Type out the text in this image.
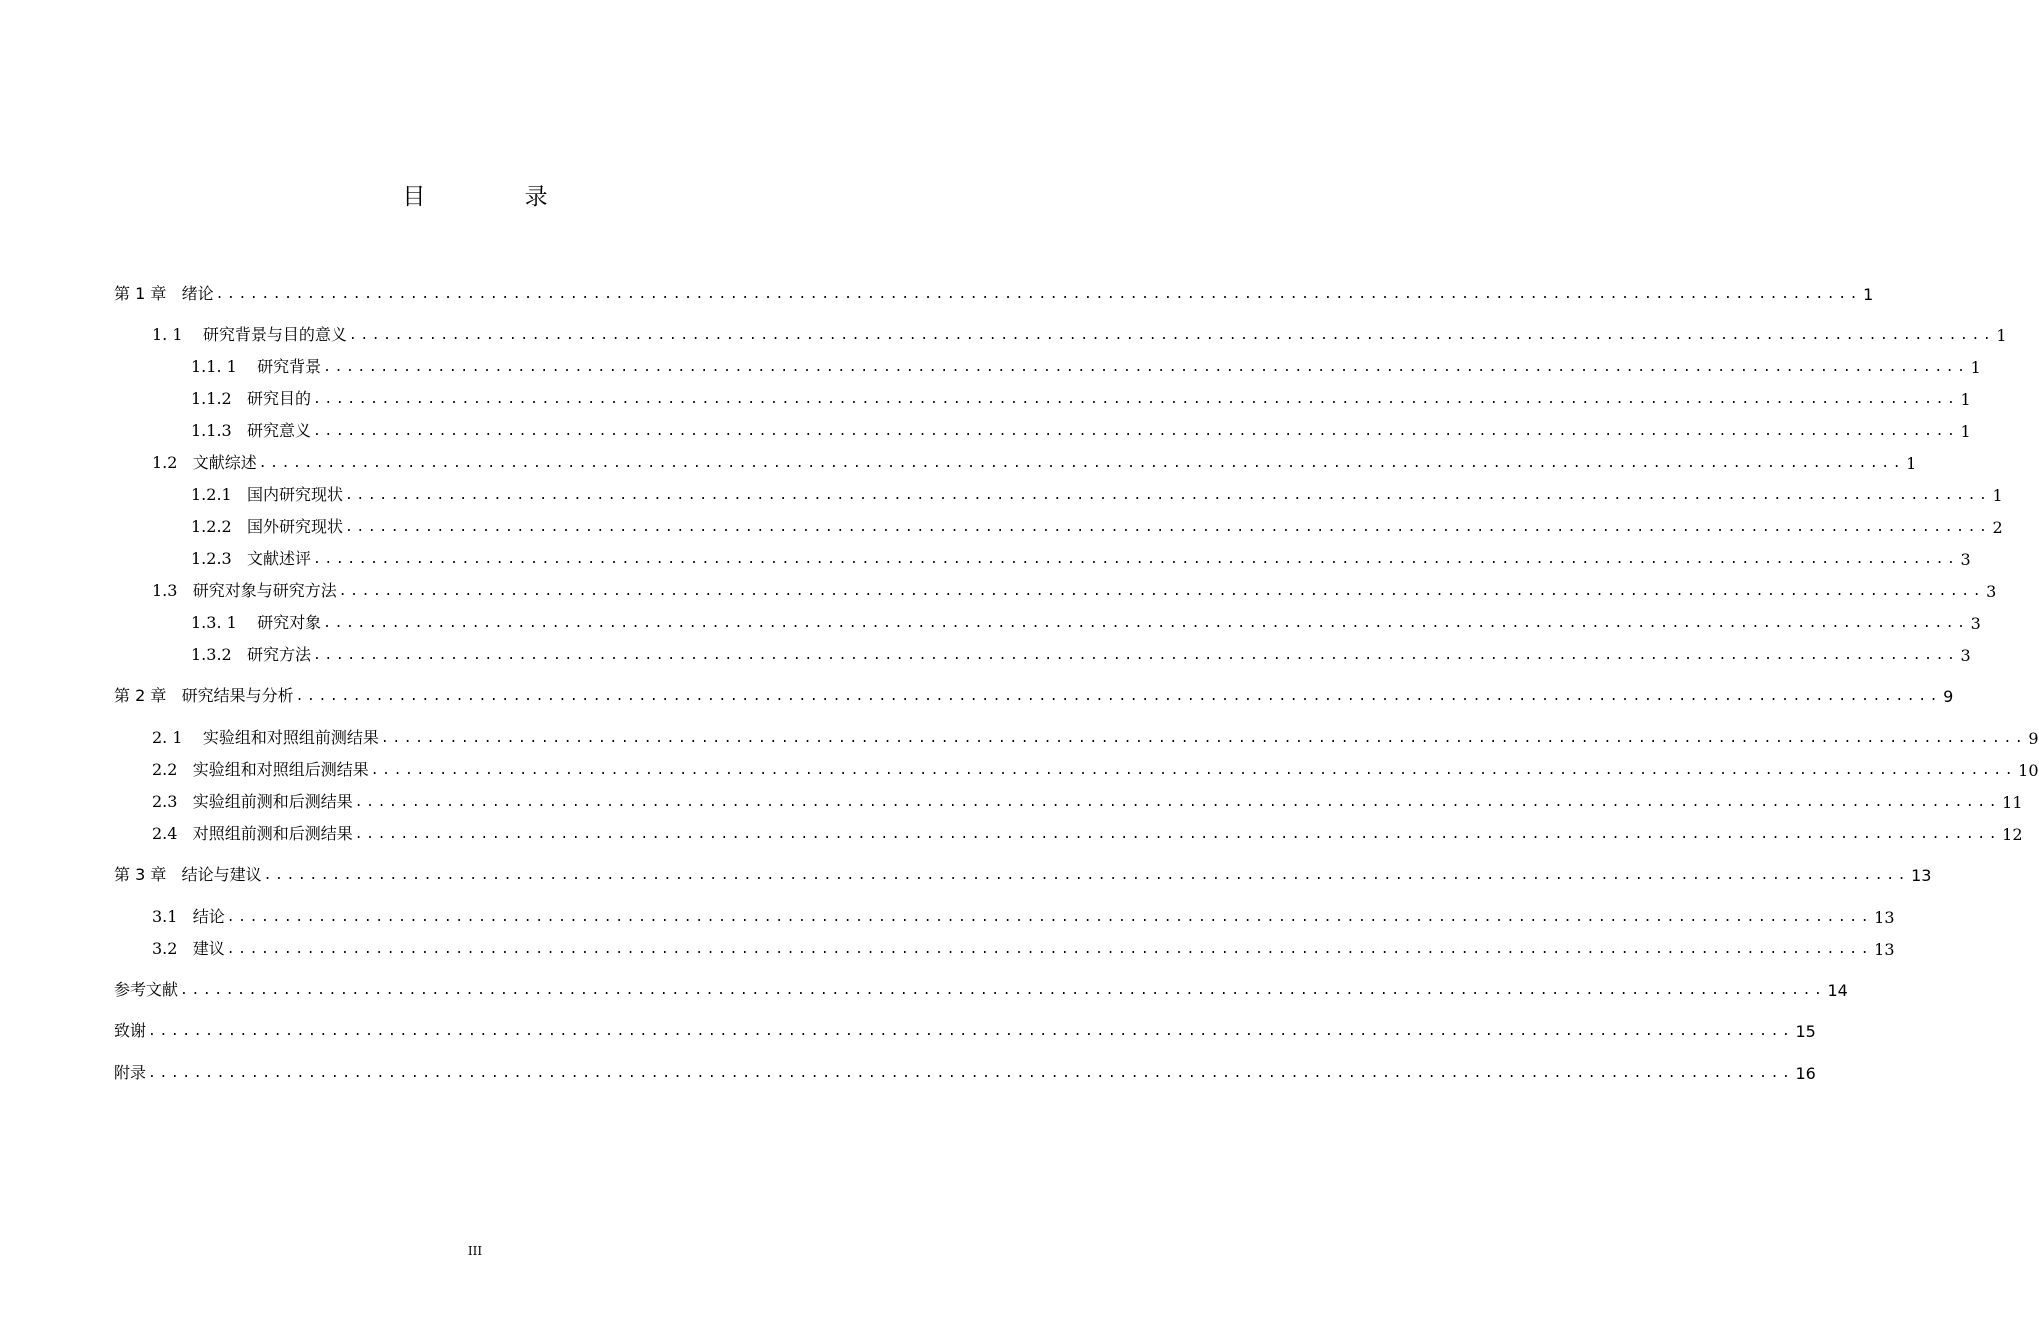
目 录
第 1 章   绪论 ................................................................................................................................................ 1
1. 1    研究背景与目的意义 ................................................................................................................................................ 1
1.1. 1    研究背景 ................................................................................................................................................ 1
1.1.2   研究目的 ................................................................................................................................................ 1
1.1.3   研究意义 ................................................................................................................................................ 1
1.2   文献综述 ................................................................................................................................................ 1
1.2.1   国内研究现状 ................................................................................................................................................ 1
1.2.2   国外研究现状 ................................................................................................................................................ 2
1.2.3   文献述评 ................................................................................................................................................ 3
1.3   研究对象与研究方法 ................................................................................................................................................ 3
1.3. 1    研究对象 ................................................................................................................................................ 3
1.3.2   研究方法 ................................................................................................................................................ 3
第 2 章   研究结果与分析 ................................................................................................................................................ 9
2. 1    实验组和对照组前测结果 ................................................................................................................................................ 9
2.2   实验组和对照组后测结果 ................................................................................................................................................ 10
2.3   实验组前测和后测结果 ................................................................................................................................................ 11
2.4   对照组前测和后测结果 ................................................................................................................................................ 12
第 3 章   结论与建议 ................................................................................................................................................ 13
3.1   结论 ................................................................................................................................................ 13
3.2   建议 ................................................................................................................................................ 13
参考文献 ................................................................................................................................................ 14
致谢 ................................................................................................................................................ 15
附录 ................................................................................................................................................ 16
III
